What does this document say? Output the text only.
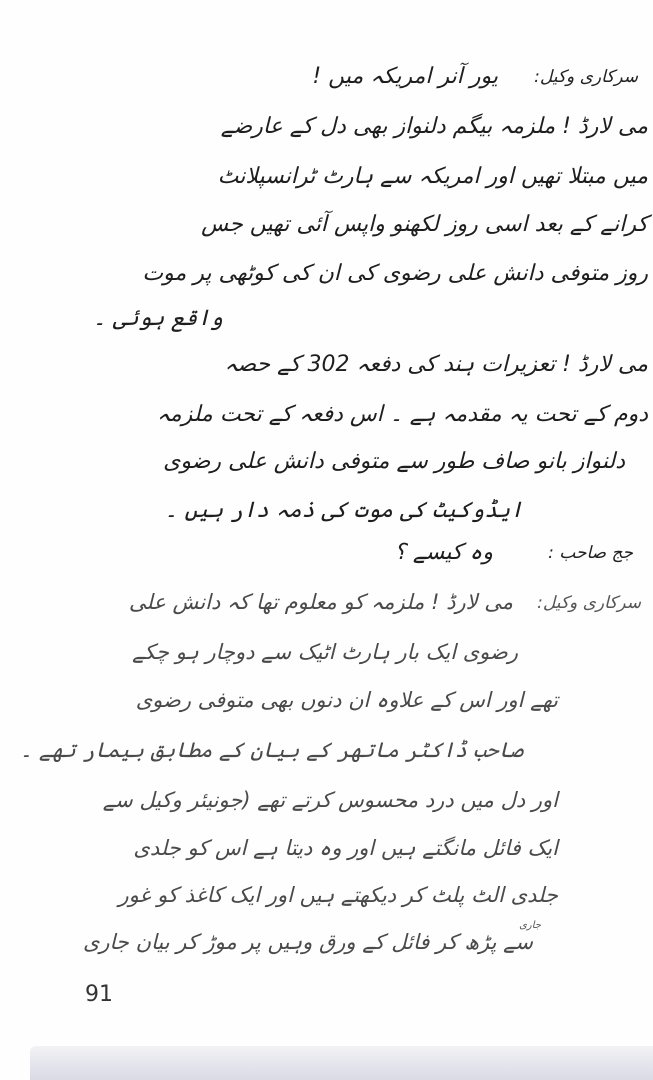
سرکاری وکیل:
یور آنر امریکہ میں !
می لارڈ ! ملزمہ بیگم دلنواز بھی دل کے عارضے
میں مبتلا تھیں اور امریکہ سے ہارٹ ٹرانسپلانٹ
کرانے کے بعد اسی روز لکھنو واپس آئی تھیں جس
روز متوفی دانش علی رضوی کی ان کی کوٹھی پر موت
واقع ہوئی ۔
می لارڈ ! تعزیرات ہند کی دفعہ 302 کے حصہ
دوم کے تحت یہ مقدمہ ہے ۔ اس دفعہ کے تحت ملزمہ
دلنواز بانو صاف طور سے متوفی دانش علی رضوی
ایڈوکیٹ کی موت کی ذمہ دار ہیں ۔
جج صاحب :
وہ کیسے ؟
سرکاری وکیل:
می لارڈ ! ملزمہ کو معلوم تھا کہ دانش علی
رضوی ایک بار ہارٹ اٹیک سے دوچار ہو چکے
تھے اور اس کے علاوہ ان دنوں بھی متوفی رضوی
صاحب ڈاکٹر ماتھر کے بیان کے مطابق بیمار تھے ۔
اور دل میں درد محسوس کرتے تھے (جونیئر وکیل سے
ایک فائل مانگتے ہیں اور وہ دیتا ہے اس کو جلدی
جلدی الٹ پلٹ کر دیکھتے ہیں اور ایک کاغذ کو غور
سے پڑھ کر فائل کے ورق وہیں پر موڑ کر بیان جاری
جاری
91
